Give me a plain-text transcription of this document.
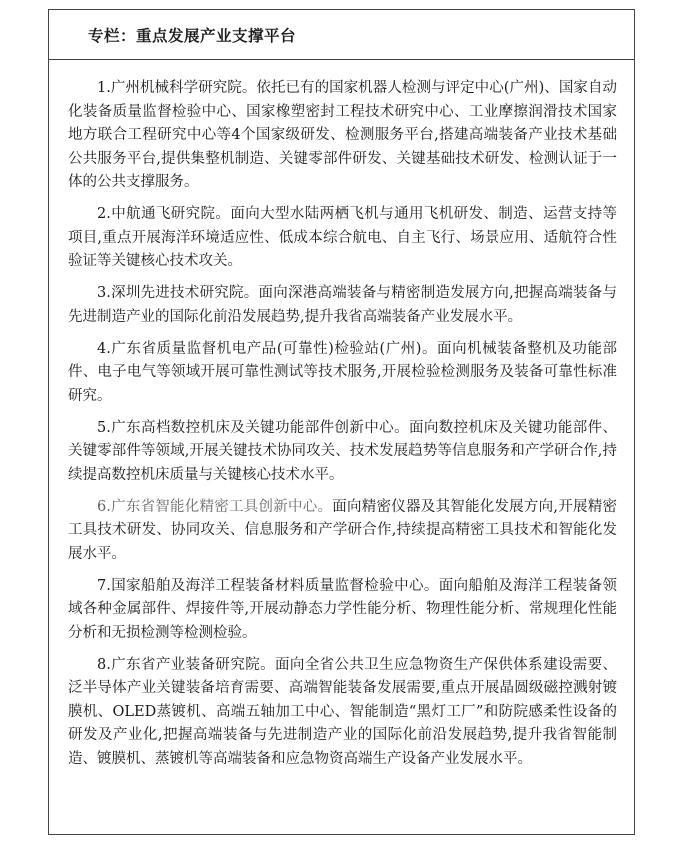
专栏：重点发展产业支撑平台

1.广州机械科学研究院。依托已有的国家机器人检测与评定中心(广州)、国家自动化装备质量监督检验中心、国家橡塑密封工程技术研究中心、工业摩擦润滑技术国家地方联合工程研究中心等4个国家级研发、检测服务平台,搭建高端装备产业技术基础公共服务平台,提供集整机制造、关键零部件研发、关键基础技术研发、检测认证于一体的公共支撑服务。

2.中航通飞研究院。面向大型水陆两栖飞机与通用飞机研发、制造、运营支持等项目,重点开展海洋环境适应性、低成本综合航电、自主飞行、场景应用、适航符合性验证等关键核心技术攻关。

3.深圳先进技术研究院。面向深港高端装备与精密制造发展方向,把握高端装备与先进制造产业的国际化前沿发展趋势,提升我省高端装备产业发展水平。

4.广东省质量监督机电产品(可靠性)检验站(广州)。面向机械装备整机及功能部件、电子电气等领域开展可靠性测试等技术服务,开展检验检测服务及装备可靠性标准研究。

5.广东高档数控机床及关键功能部件创新中心。面向数控机床及关键功能部件、关键零部件等领域,开展关键技术协同攻关、技术发展趋势等信息服务和产学研合作,持续提高数控机床质量与关键核心技术水平。

6.广东省智能化精密工具创新中心。面向精密仪器及其智能化发展方向,开展精密工具技术研发、协同攻关、信息服务和产学研合作,持续提高精密工具技术和智能化发展水平。

7.国家船舶及海洋工程装备材料质量监督检验中心。面向船舶及海洋工程装备领域各种金属部件、焊接件等,开展动静态力学性能分析、物理性能分析、常规理化性能分析和无损检测等检测检验。

8.广东省产业装备研究院。面向全省公共卫生应急物资生产保供体系建设需要、泛半导体产业关键装备培育需要、高端智能装备发展需要,重点开展晶圆级磁控溅射镀膜机、OLED蒸镀机、高端五轴加工中心、智能制造“黑灯工厂”和防院感柔性设备的研发及产业化,把握高端装备与先进制造产业的国际化前沿发展趋势,提升我省智能制造、镀膜机、蒸镀机等高端装备和应急物资高端生产设备产业发展水平。
